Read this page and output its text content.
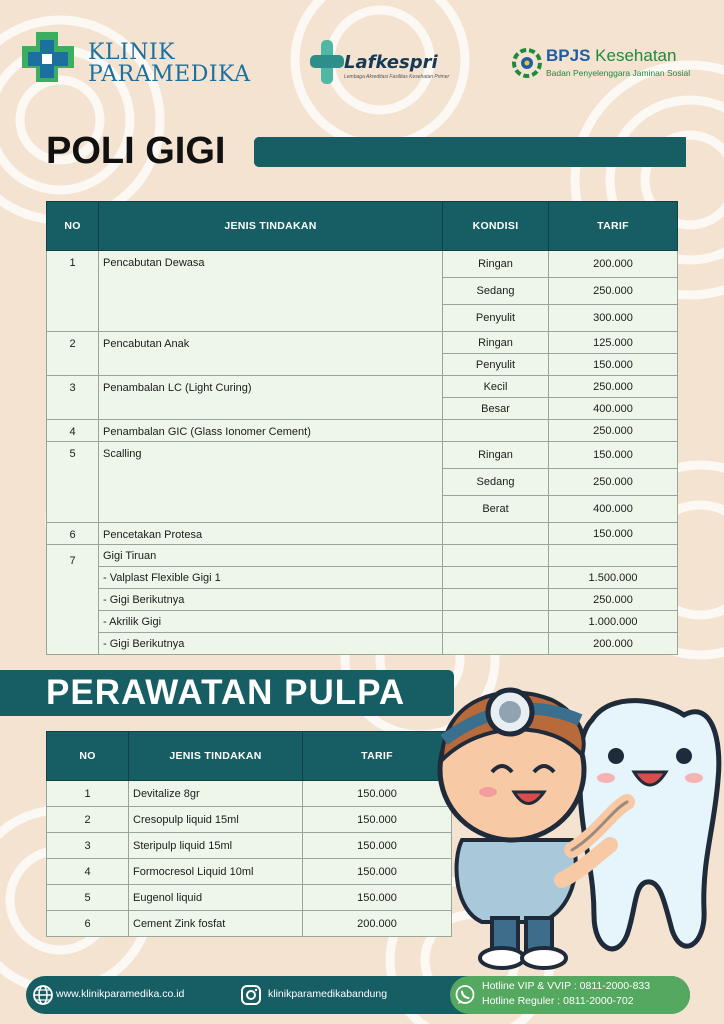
KLINIK
PARAMEDIKA	Lafkespri
Lembaga Akreditasi Fasilitas Kesehatan Primer
BPJS Kesehatan
Badan Penyelenggara Jaminan Sosial
POLI GIGI
NO	JENIS TINDAKAN	KONDISI	TARIF
1	Pencabutan Dewasa	Ringan	200.000
		Sedang	250.000
		Penyulit	300.000
2	Pencabutan Anak	Ringan	125.000
		Penyulit	150.000
3	Penambalan LC (Light Curing)	Kecil	250.000
		Besar	400.000
4	Penambalan GIC (Glass Ionomer Cement)		250.000
5	Scalling	Ringan	150.000
		Sedang	250.000
		Berat	400.000
6	Pencetakan Protesa		150.000
7	Gigi Tiruan		
	- Valplast Flexible Gigi 1		1.500.000
	- Gigi Berikutnya		250.000
	- Akrilik Gigi		1.000.000
	- Gigi Berikutnya		200.000
PERAWATAN PULPA
NO	JENIS TINDAKAN	TARIF
1	Devitalize 8gr	150.000
2	Cresopulp liquid 15ml	150.000
3	Steripulp liquid 15ml	150.000
4	Formocresol Liquid 10ml	150.000
5	Eugenol liquid	150.000
6	Cement Zink fosfat	200.000
www.klinikparamedika.co.id	klinikparamedikabandung
Hotline VIP & VVIP : 0811-2000-833
Hotline Reguler : 0811-2000-702
